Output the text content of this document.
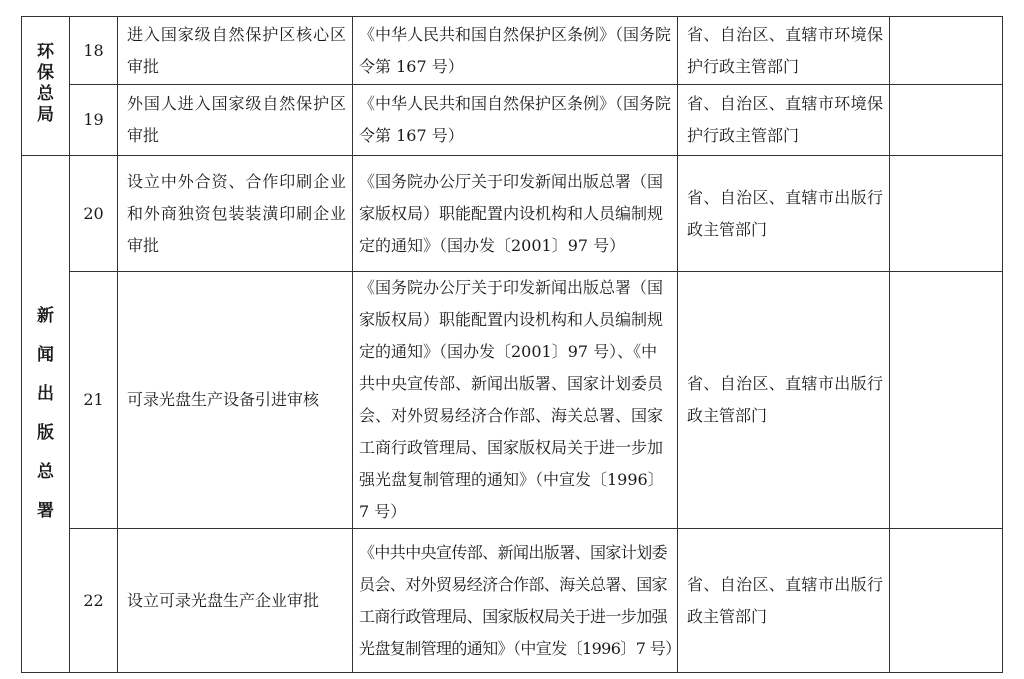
环保总局	18	进入国家级自然保护区核心区审批	《中华人民共和国自然保护区条例》（国务院令第 167 号）	省、自治区、直辖市环境保护行政主管部门	
	19	外国人进入国家级自然保护区审批	《中华人民共和国自然保护区条例》（国务院令第 167 号）	省、自治区、直辖市环境保护行政主管部门	
新闻出版总署	20	设立中外合资、合作印刷企业和外商独资包装装潢印刷企业审批	《国务院办公厅关于印发新闻出版总署（国家版权局）职能配置内设机构和人员编制规定的通知》（国办发〔2001〕97 号）	省、自治区、直辖市出版行政主管部门	
	21	可录光盘生产设备引进审核	《国务院办公厅关于印发新闻出版总署（国家版权局）职能配置内设机构和人员编制规定的通知》（国办发〔2001〕97 号）、《中共中央宣传部、新闻出版署、国家计划委员会、对外贸易经济合作部、海关总署、国家工商行政管理局、国家版权局关于进一步加强光盘复制管理的通知》（中宣发〔1996〕7 号）	省、自治区、直辖市出版行政主管部门	
	22	设立可录光盘生产企业审批	《中共中央宣传部、新闻出版署、国家计划委员会、对外贸易经济合作部、海关总署、国家工商行政管理局、国家版权局关于进一步加强光盘复制管理的通知》（中宣发〔1996〕7 号）	省、自治区、直辖市出版行政主管部门	
